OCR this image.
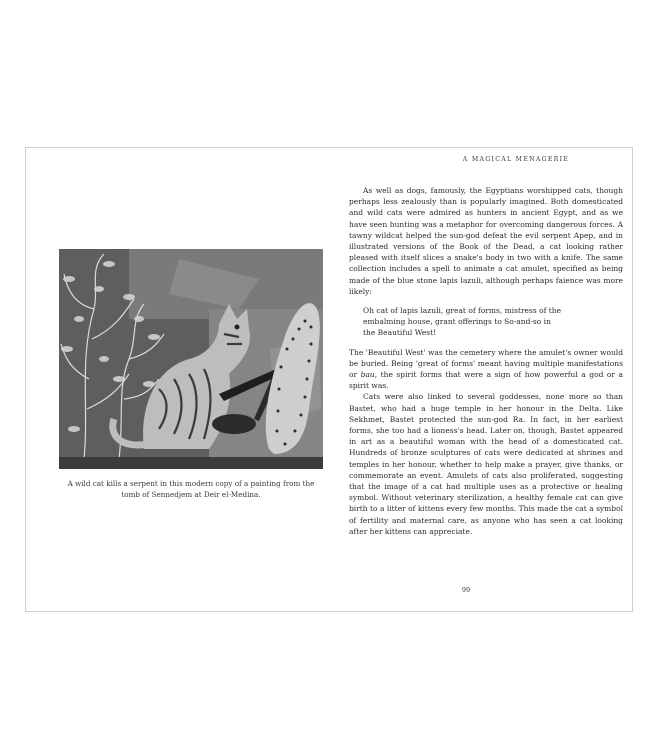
A wild cat kills a serpent in this modern copy of a painting from the tomb of Sennedjem at Deir el-Medina.
A MAGICAL MENAGERIE

As well as dogs, famously, the Egyptians worshipped cats, though perhaps less zealously than is popularly imagined. Both domesticated and wild cats were admired as hunters in ancient Egypt, and as we have seen hunting was a metaphor for overcoming dangerous forces. A tawny wildcat helped the sun-god defeat the evil serpent Apep, and in illustrated versions of the Book of the Dead, a cat looking rather pleased with itself slices a snake's body in two with a knife. The same collection includes a spell to animate a cat amulet, specified as being made of the blue stone lapis lazuli, although perhaps faience was more likely:

Oh cat of lapis lazuli, great of forms, mistress of the
embalming house, grant offerings to So-and-so in
the Beautiful West!

The 'Beautiful West' was the cemetery where the amulet's owner would be buried. Being 'great of forms' meant having multiple manifestations or bau, the spirit forms that were a sign of how powerful a god or a spirit was.

Cats were also linked to several goddesses, none more so than Bastet, who had a huge temple in her honour in the Delta. Like Sekhmet, Bastet protected the sun-god Ra. In fact, in her earliest forms, she too had a lioness's head. Later on, though, Bastet appeared in art as a beautiful woman with the head of a domesticated cat. Hundreds of bronze sculptures of cats were dedicated at shrines and temples in her honour, whether to help make a prayer, give thanks, or commemorate an event. Amulets of cats also proliferated, suggesting that the image of a cat had multiple uses as a protective or healing symbol. Without veterinary sterilization, a healthy female cat can give birth to a litter of kittens every few months. This made the cat a symbol of fertility and maternal care, as anyone who has seen a cat looking after her kittens can appreciate.

99
